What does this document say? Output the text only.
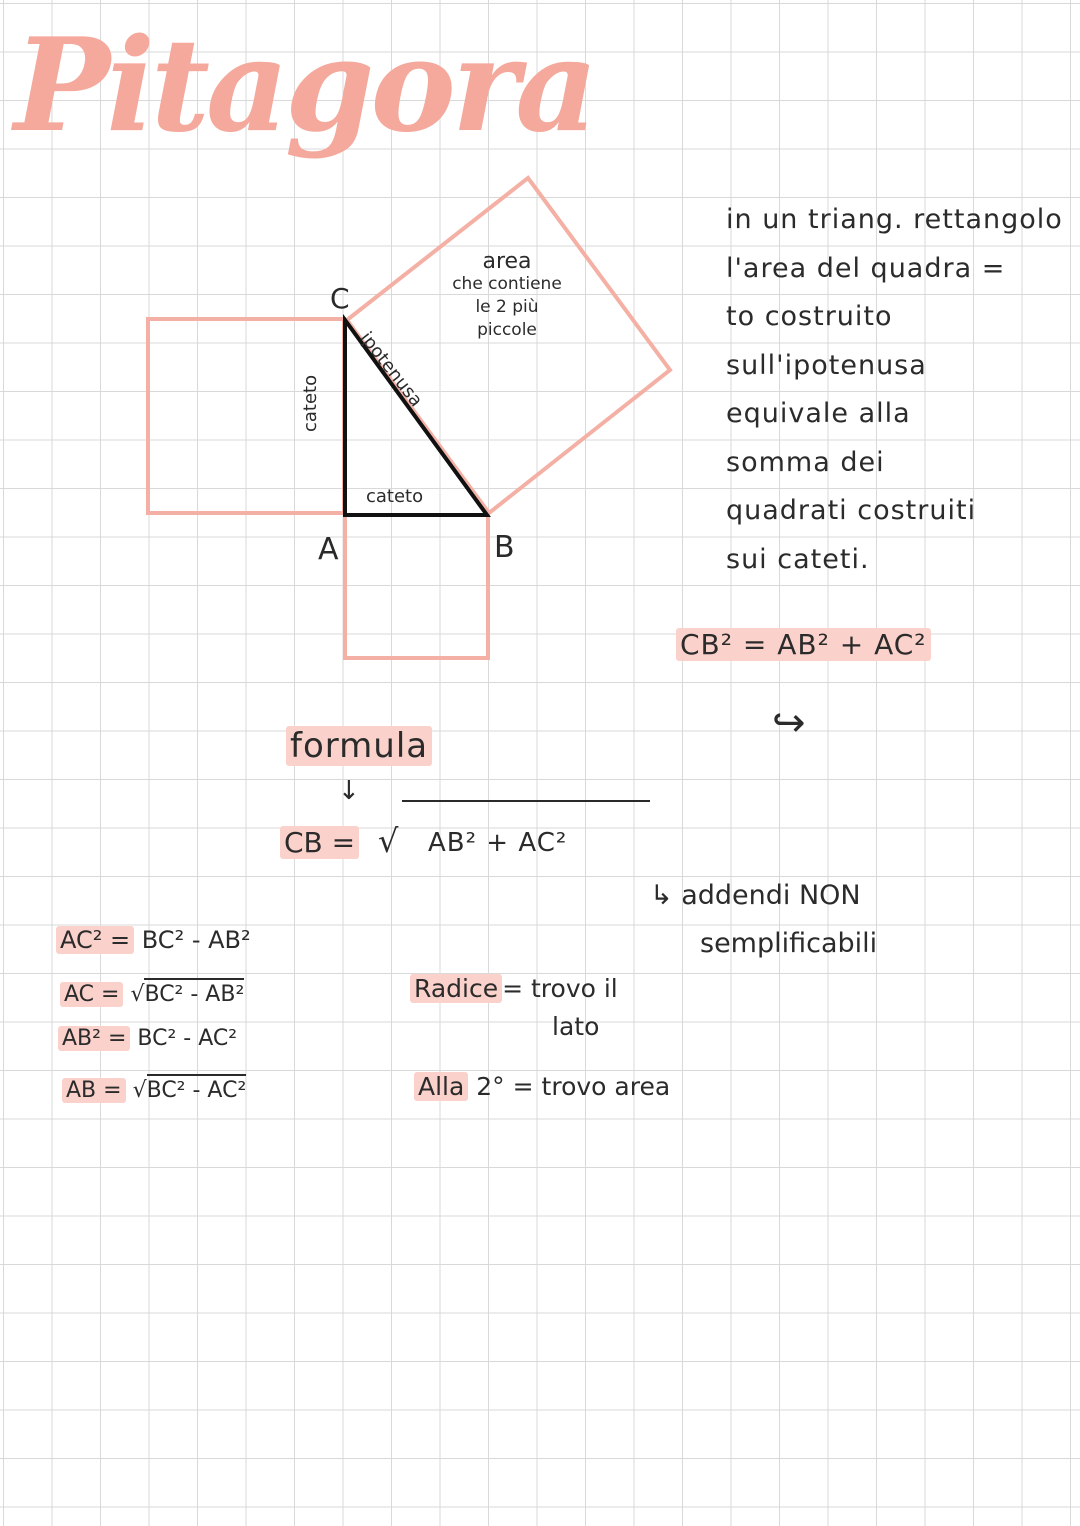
Pitagora
C
A	B
cateto
cateto
ipotenusa
area
che contiene
le 2 più
piccole
in un triang. rettangolo
l'area del quadra =
to costruito
sull'ipotenusa
equivale alla
somma dei
quadrati costruiti
sui cateti.
CB² = AB² + AC²
↩
formula
↓
CB = √ AB² + AC²
↳ addendi NON
semplificabili
AC² = BC² - AB²
AC = √BC² - AB²
AB² = BC² - AC²
AB = √BC² - AC²
Radice = trovo il
lato
Alla 2° = trovo area
